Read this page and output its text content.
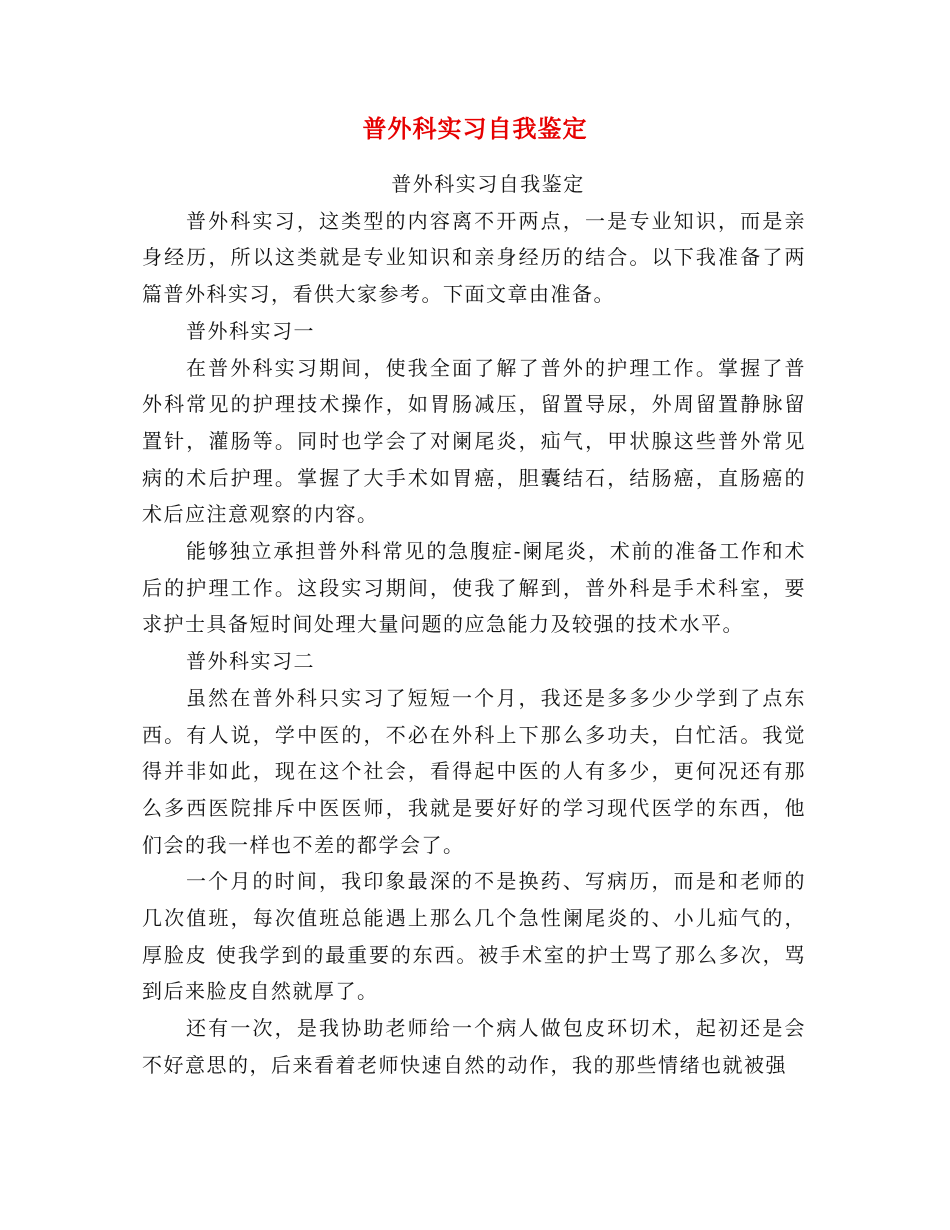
普外科实习自我鉴定

普外科实习自我鉴定

普外科实习，这类型的内容离不开两点，一是专业知识，而是亲身经历，所以这类就是专业知识和亲身经历的结合。以下我准备了两篇普外科实习，看供大家参考。下面文章由准备。

普外科实习一

在普外科实习期间，使我全面了解了普外的护理工作。掌握了普外科常见的护理技术操作，如胃肠减压，留置导尿，外周留置静脉留置针，灌肠等。同时也学会了对阑尾炎，疝气，甲状腺这些普外常见病的术后护理。掌握了大手术如胃癌，胆囊结石，结肠癌，直肠癌的术后应注意观察的内容。

能够独立承担普外科常见的急腹症-阑尾炎，术前的准备工作和术后的护理工作。这段实习期间，使我了解到，普外科是手术科室，要求护士具备短时间处理大量问题的应急能力及较强的技术水平。

普外科实习二

虽然在普外科只实习了短短一个月，我还是多多少少学到了点东西。有人说，学中医的，不必在外科上下那么多功夫，白忙活。我觉得并非如此，现在这个社会，看得起中医的人有多少，更何况还有那么多西医院排斥中医医师，我就是要好好的学习现代医学的东西，他们会的我一样也不差的都学会了。

一个月的时间，我印象最深的不是换药、写病历，而是和老师的几次值班，每次值班总能遇上那么几个急性阑尾炎的、小儿疝气的，厚脸皮 使我学到的最重要的东西。被手术室的护士骂了那么多次，骂到后来脸皮自然就厚了。

还有一次，是我协助老师给一个病人做包皮环切术，起初还是会不好意思的，后来看着老师快速自然的动作，我的那些情绪也就被强
